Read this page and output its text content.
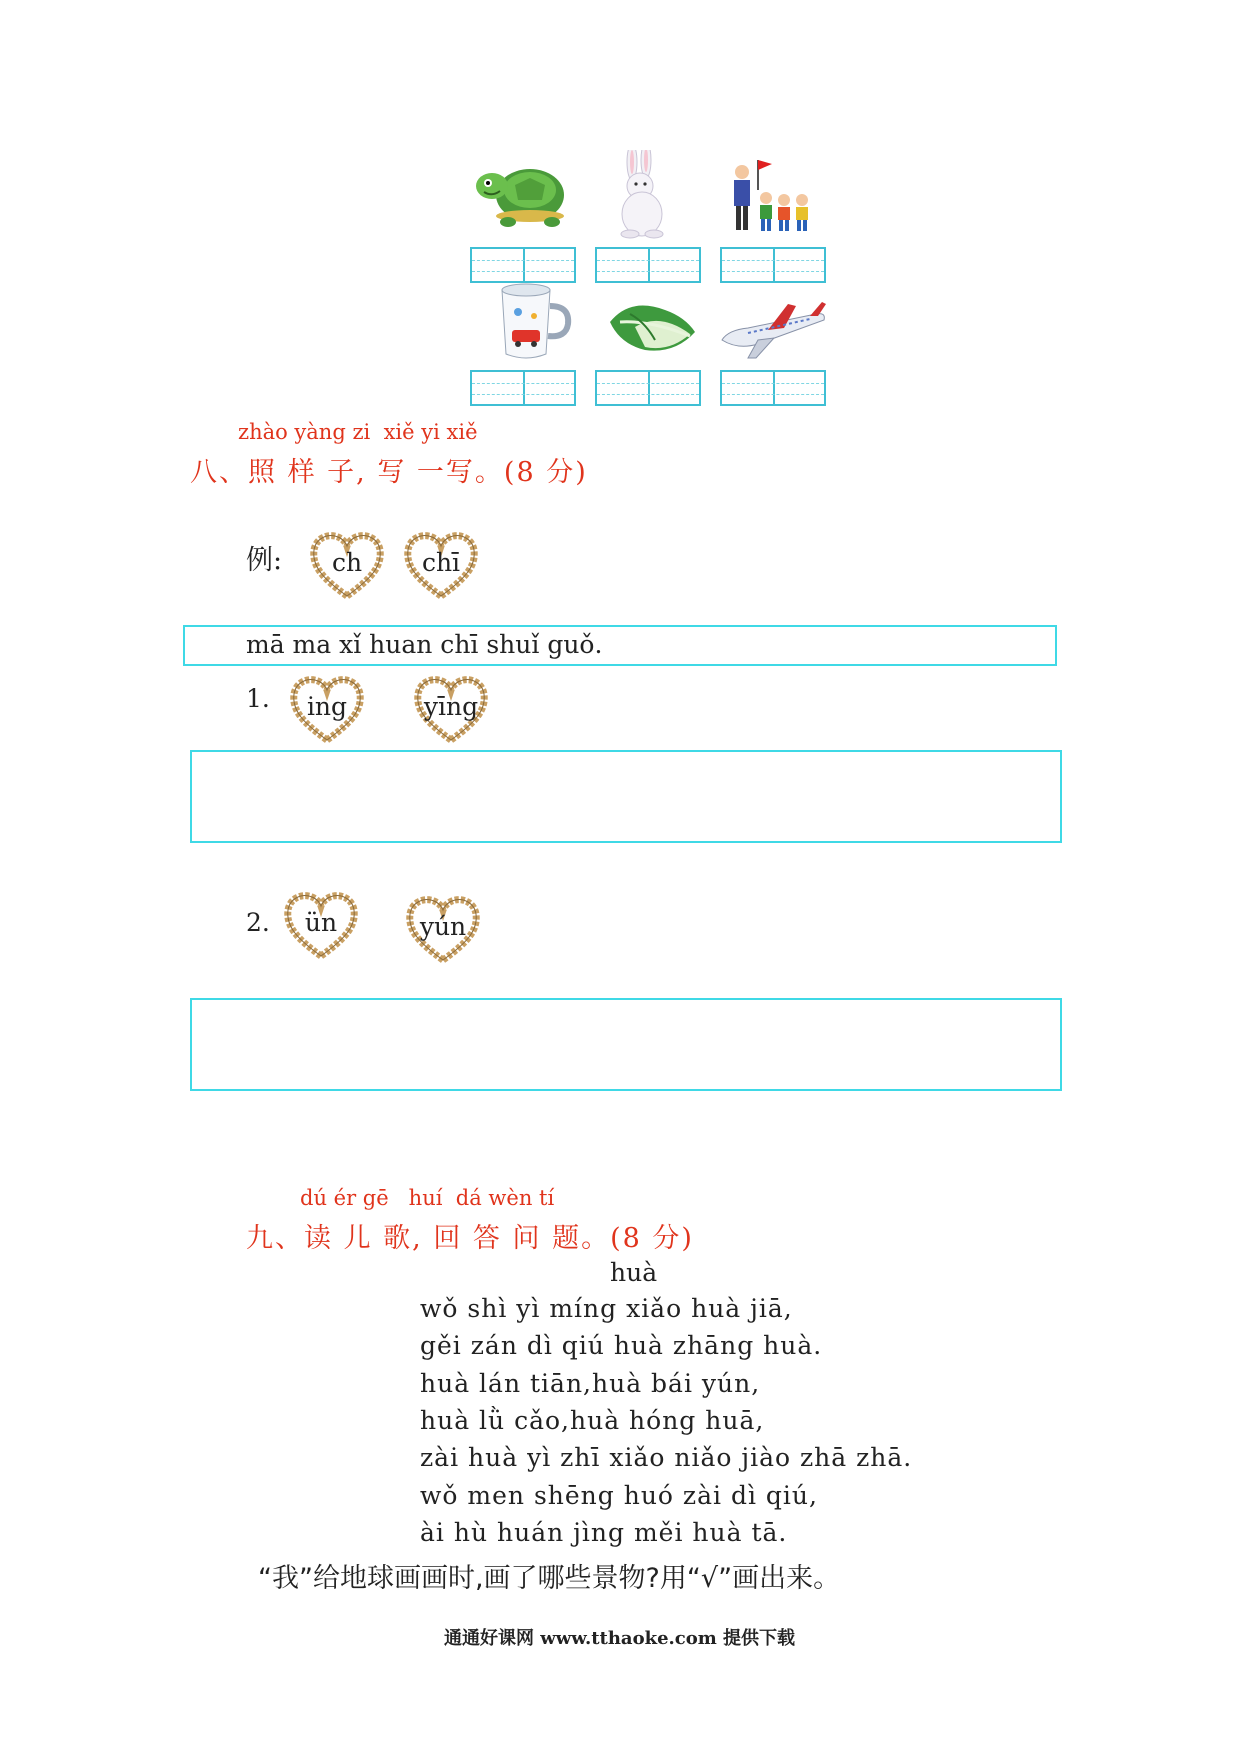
zhào yàng zi  xiě yi xiě
八、照 样 子, 写 一写。(8 分)
例:	ch	chī
mā ma xǐ huan chī shuǐ guǒ.
1.	ing	yīng
2.	ün	yún
dú ér gē   huí  dá wèn tí
九、读 儿 歌, 回 答 问 题。(8 分)
huà
wǒ shì yì míng xiǎo huà jiā,
gěi zán dì qiú huà zhāng huà.
huà lán tiān,huà bái yún,
huà lǜ cǎo,huà hóng huā,
zài huà yì zhī xiǎo niǎo jiào zhā zhā.
wǒ men shēng huó zài dì qiú,
ài hù huán jìng měi huà tā.
“我”给地球画画时,画了哪些景物?用“√”画出来。
通通好课网 www.tthaoke.com 提供下载
